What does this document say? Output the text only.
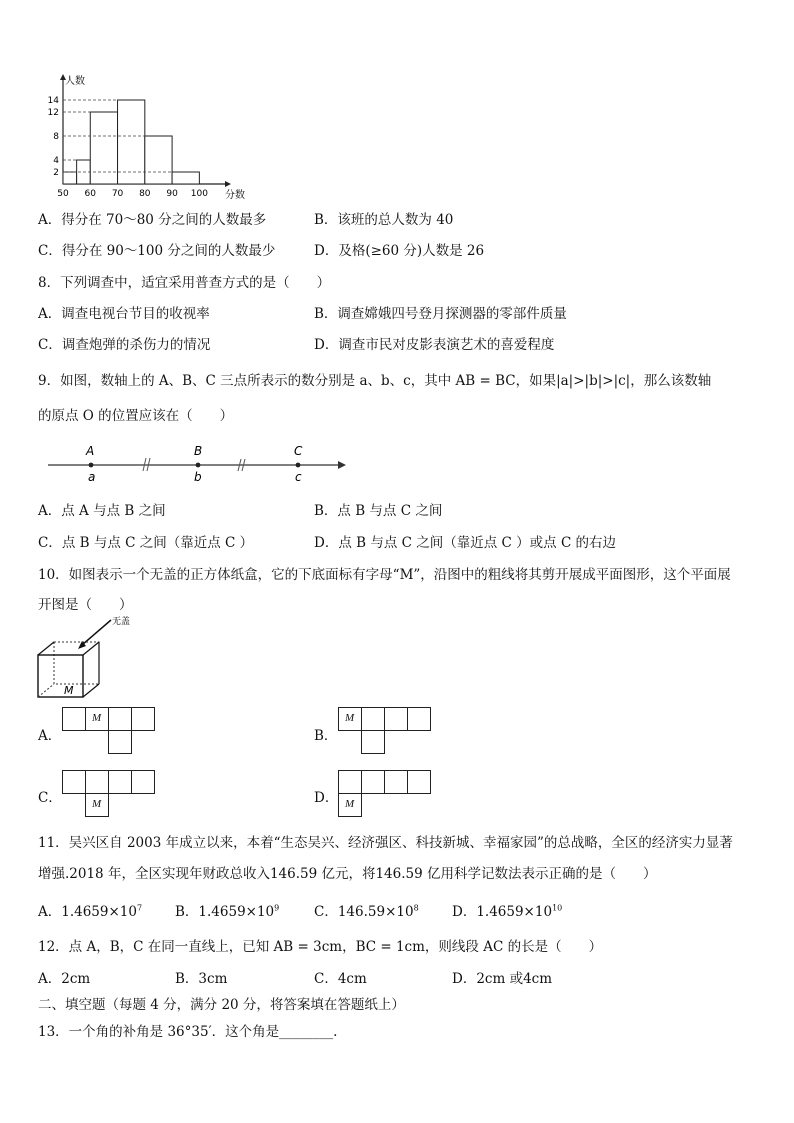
2
4
8
12
14
50 60 70 80 90 100
人数
分数
A．得分在 70～80 分之间的人数最多	B．该班的总人数为 40
C．得分在 90～100 分之间的人数最少	D．及格(≥60 分)人数是 26
8．下列调查中，适宜采用普查方式的是（　　）
A．调查电视台节目的收视率	B．调查嫦娥四号登月探测器的零部件质量
C．调查炮弹的杀伤力的情况	D．调查市民对皮影表演艺术的喜爱程度
9．如图，数轴上的 A、B、C 三点所表示的数分别是 a、b、c，其中 AB = BC，如果|a|>|b|>|c|，那么该数轴
的原点 O 的位置应该在（　　）
A	B	C
a	b	c
A．点 A 与点 B 之间	B．点 B 与点 C 之间
C．点 B 与点 C 之间（靠近点 C ）	D．点 B 与点 C 之间（靠近点 C ）或点 C 的右边
10．如图表示一个无盖的正方体纸盒，它的下底面标有字母“M”，沿图中的粗线将其剪开展成平面图形，这个平面展
开图是（　　）
无盖
M
A．
M
B．
M
C．	M	D． M
11．吴兴区自 2003 年成立以来，本着“生态吴兴、经济强区、科技新城、幸福家园”的总战略，全区的经济实力显著
增强.2018 年，全区实现年财政总收入146.59 亿元，将146.59 亿用科学记数法表示正确的是（　　）
A．$1.4659\times 10^7$ B．$1.4659\times 10^9$	C．$146.59\times 10^8$ D．$1.4659\times 10^{10}$
12．点 A，B，C 在同一直线上，已知 AB = 3cm，BC = 1cm，则线段 AC 的长是（　　）
A．2cm	B．3cm	C．4cm	D．2cm 或4cm
二、填空题（每题 4 分，满分 20 分，将答案填在答题纸上）
13．一个角的补角是 36°35′．这个角是________.
